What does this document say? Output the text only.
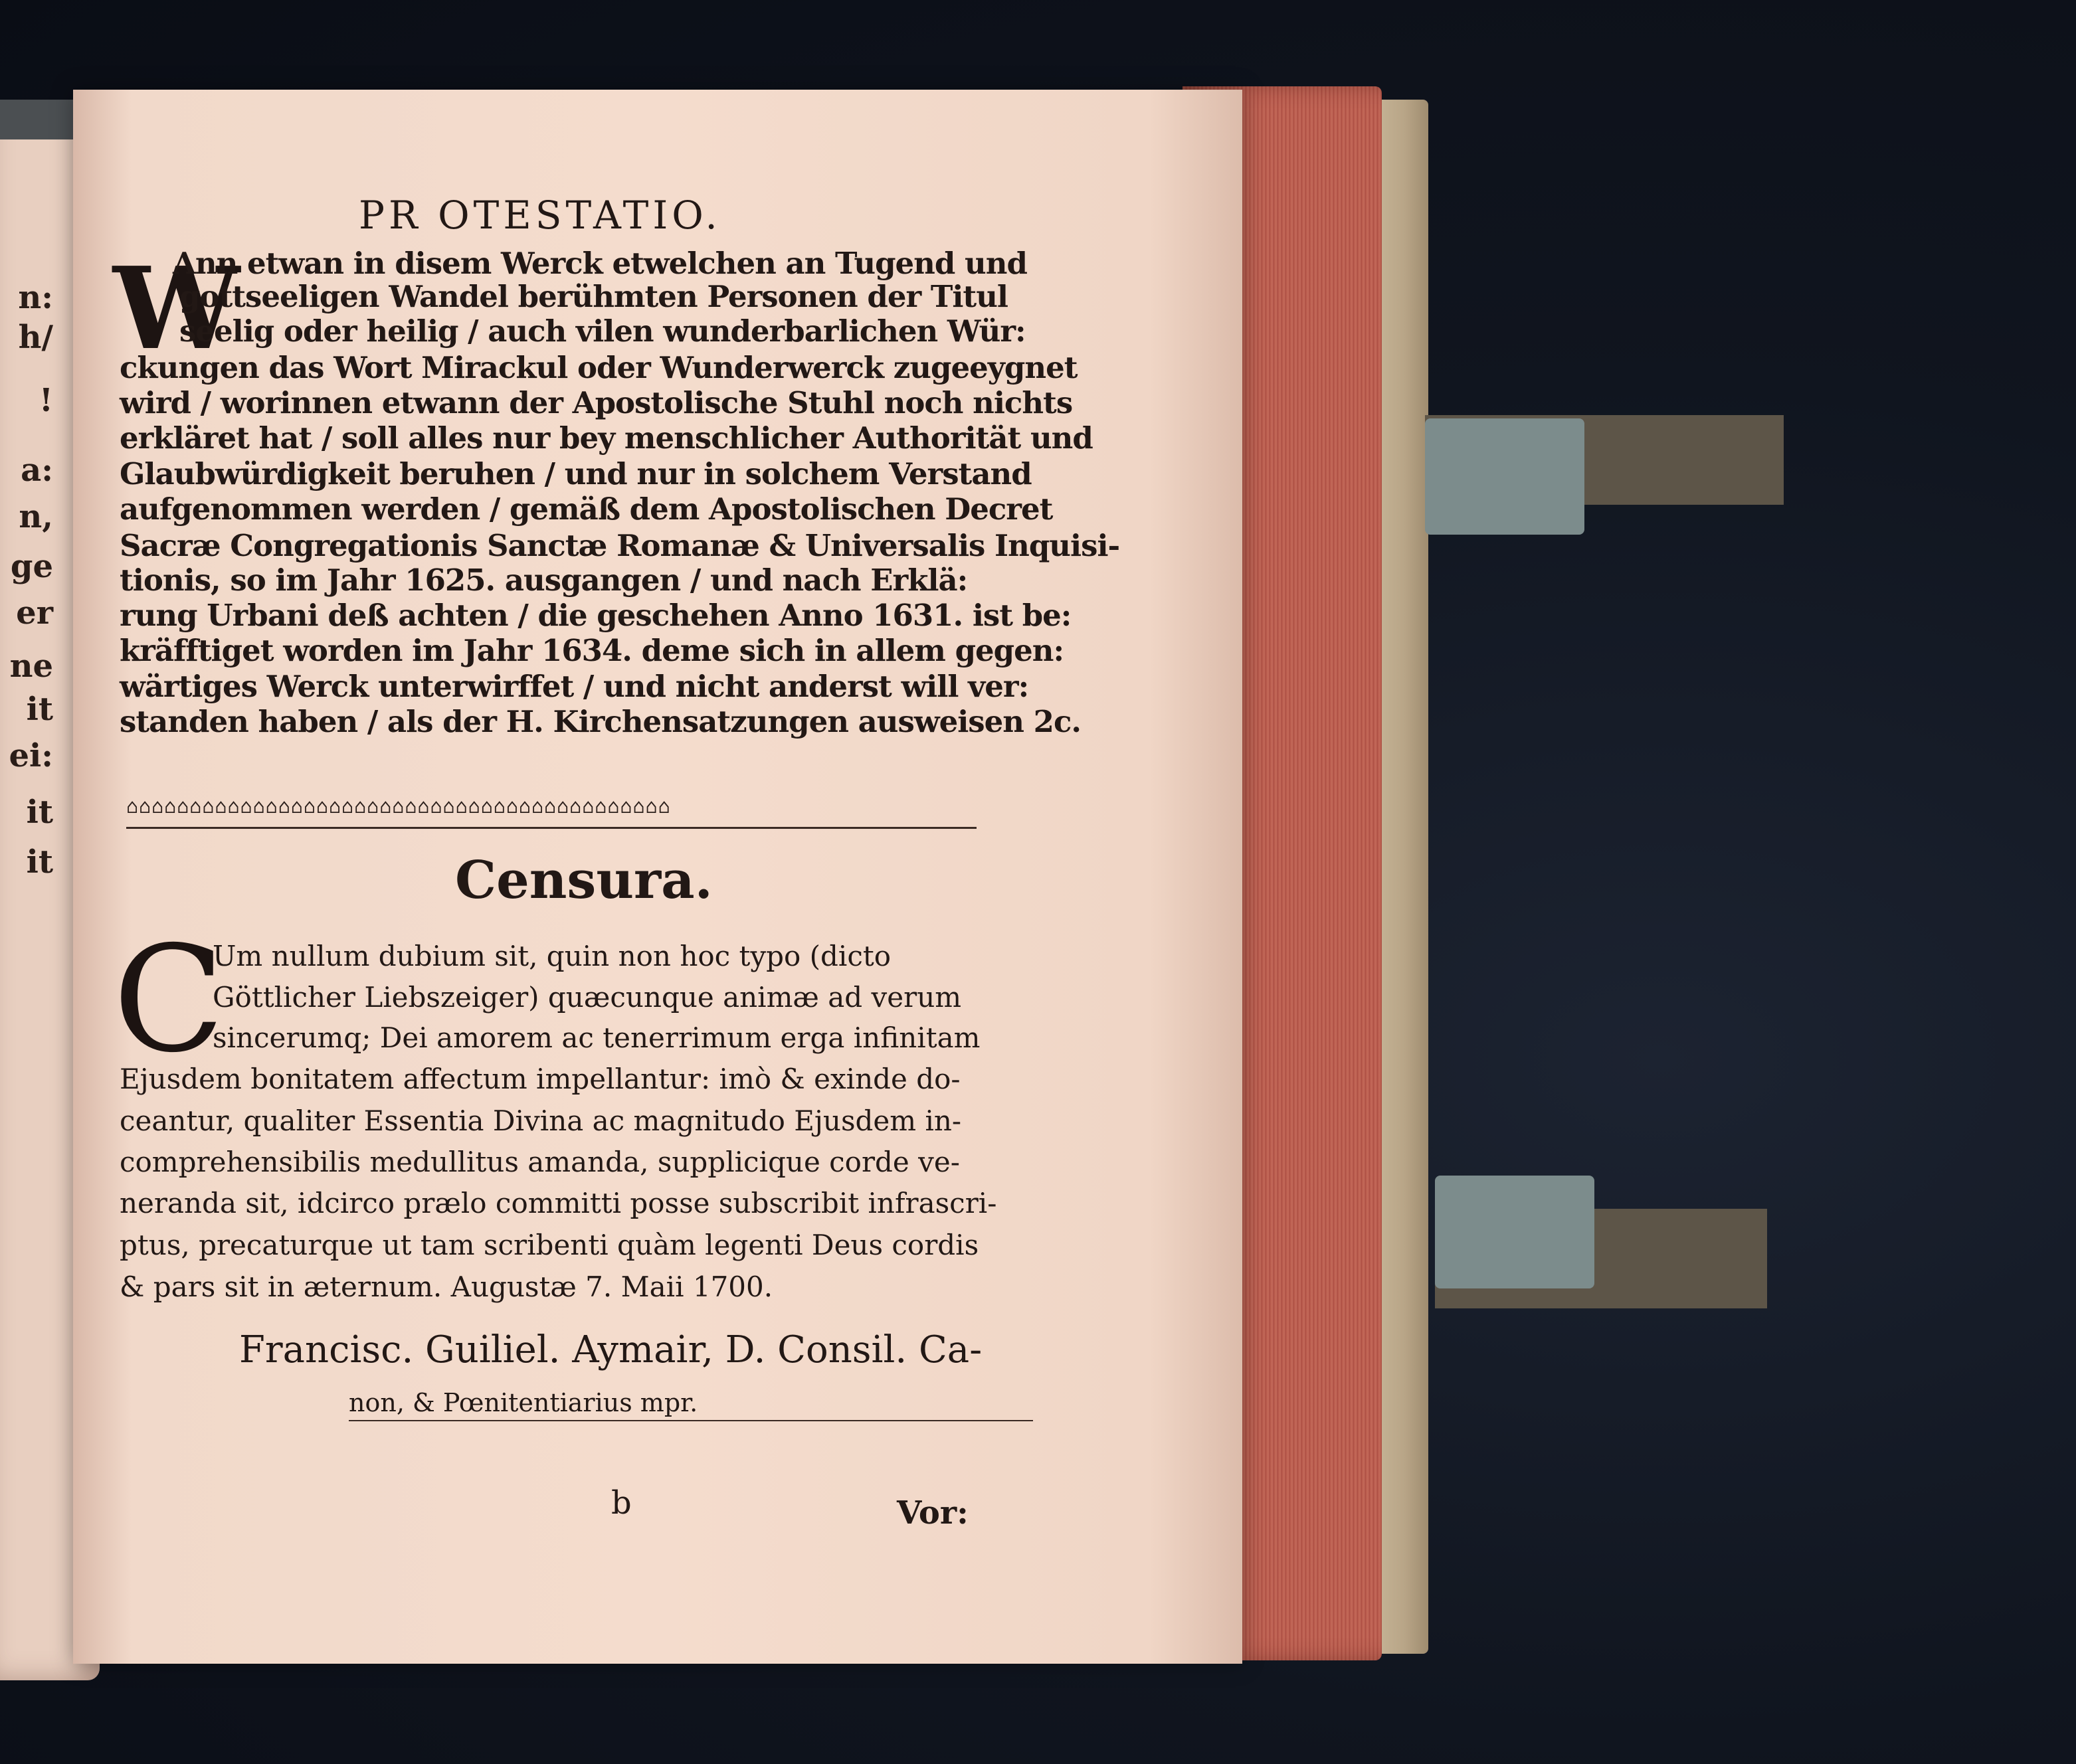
n:
h/
!
a:
n,
ge
er
ne
it
ei:
it
it
PR OTESTATIO.
W
Ann etwan in disem Werck etwelchen an Tugend und
gottseeligen Wandel berühmten Personen der Titul
seelig oder heilig / auch vilen wunderbarlichen Wür:
ckungen das Wort Mirackul oder Wunderwerck zugeeygnet
wird / worinnen etwann der Apostolische Stuhl noch nichts
erkläret hat / soll alles nur bey menschlicher Authorität und
Glaubwürdigkeit beruhen / und nur in solchem Verstand
aufgenommen werden / gemäß dem Apostolischen Decret
Sacræ Congregationis Sanctæ Romanæ & Universalis Inquisi-
tionis, so im Jahr 1625. ausgangen / und nach Erklä:
rung Urbani deß achten / die geschehen Anno 1631. ist be:
kräfftiget worden im Jahr 1634. deme sich in allem gegen:
wärtiges Werck unterwirffet / und nicht anderst will ver:
standen haben / als der H. Kirchensatzungen ausweisen 2c.
⌂⌂⌂⌂⌂⌂⌂⌂⌂⌂⌂⌂⌂⌂⌂⌂⌂⌂⌂⌂⌂⌂⌂⌂⌂⌂⌂⌂⌂⌂⌂⌂⌂⌂⌂⌂⌂⌂⌂⌂⌂⌂⌂
Censura.
C
Um nullum dubium sit, quin non hoc typo (dicto
Göttlicher Liebszeiger) quæcunque animæ ad verum
sincerumq; Dei amorem ac tenerrimum erga infinitam
Ejusdem bonitatem affectum impellantur: imò & exinde do-
ceantur, qualiter Essentia Divina ac magnitudo Ejusdem in-
comprehensibilis medullitus amanda, supplicique corde ve-
neranda sit, idcirco prælo committi posse subscribit infrascri-
ptus, precaturque ut tam scribenti quàm legenti Deus cordis
& pars sit in æternum. Augustæ 7. Maii 1700.
Francisc. Guiliel. Aymair, D. Consil. Ca-
non, & Pœnitentiarius mpr.
b	Vor:
